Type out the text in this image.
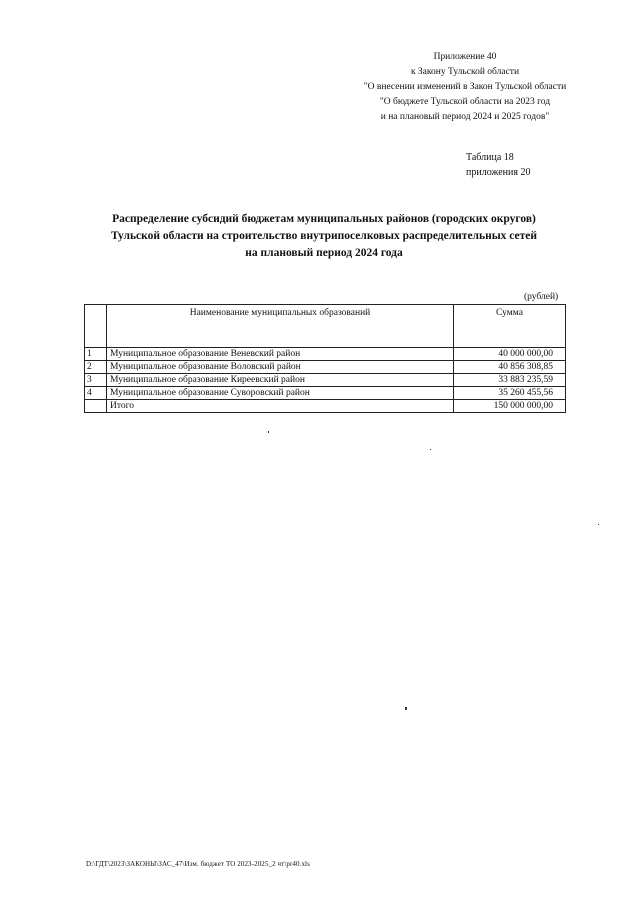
Приложение 40
к Закону Тульской области
"О внесении изменений в Закон Тульской области
"О бюджете Тульской области на 2023 год
и на плановый период 2024 и 2025 годов"
Таблица 18
приложения 20
Распределение субсидий бюджетам муниципальных районов (городских округов)
Тульской области на строительство внутрипоселковых распределительных сетей
на плановый период 2024 года
(рублей)
	Наименование муниципальных образований	Сумма
1	Муниципальное образование Веневский район	40 000 000,00
2	Муниципальное образование Воловский район	40 856 308,85
3	Муниципальное образование Киреевский район	33 883 235,59
4	Муниципальное образование Суворовский район	35 260 455,56
	Итого	150 000 000,00
D:\ГДТ\2023\ЗАКОНЫ\ЗАС_47\Изм. бюджет ТО 2023-2025_2 чт\pr40.xls
